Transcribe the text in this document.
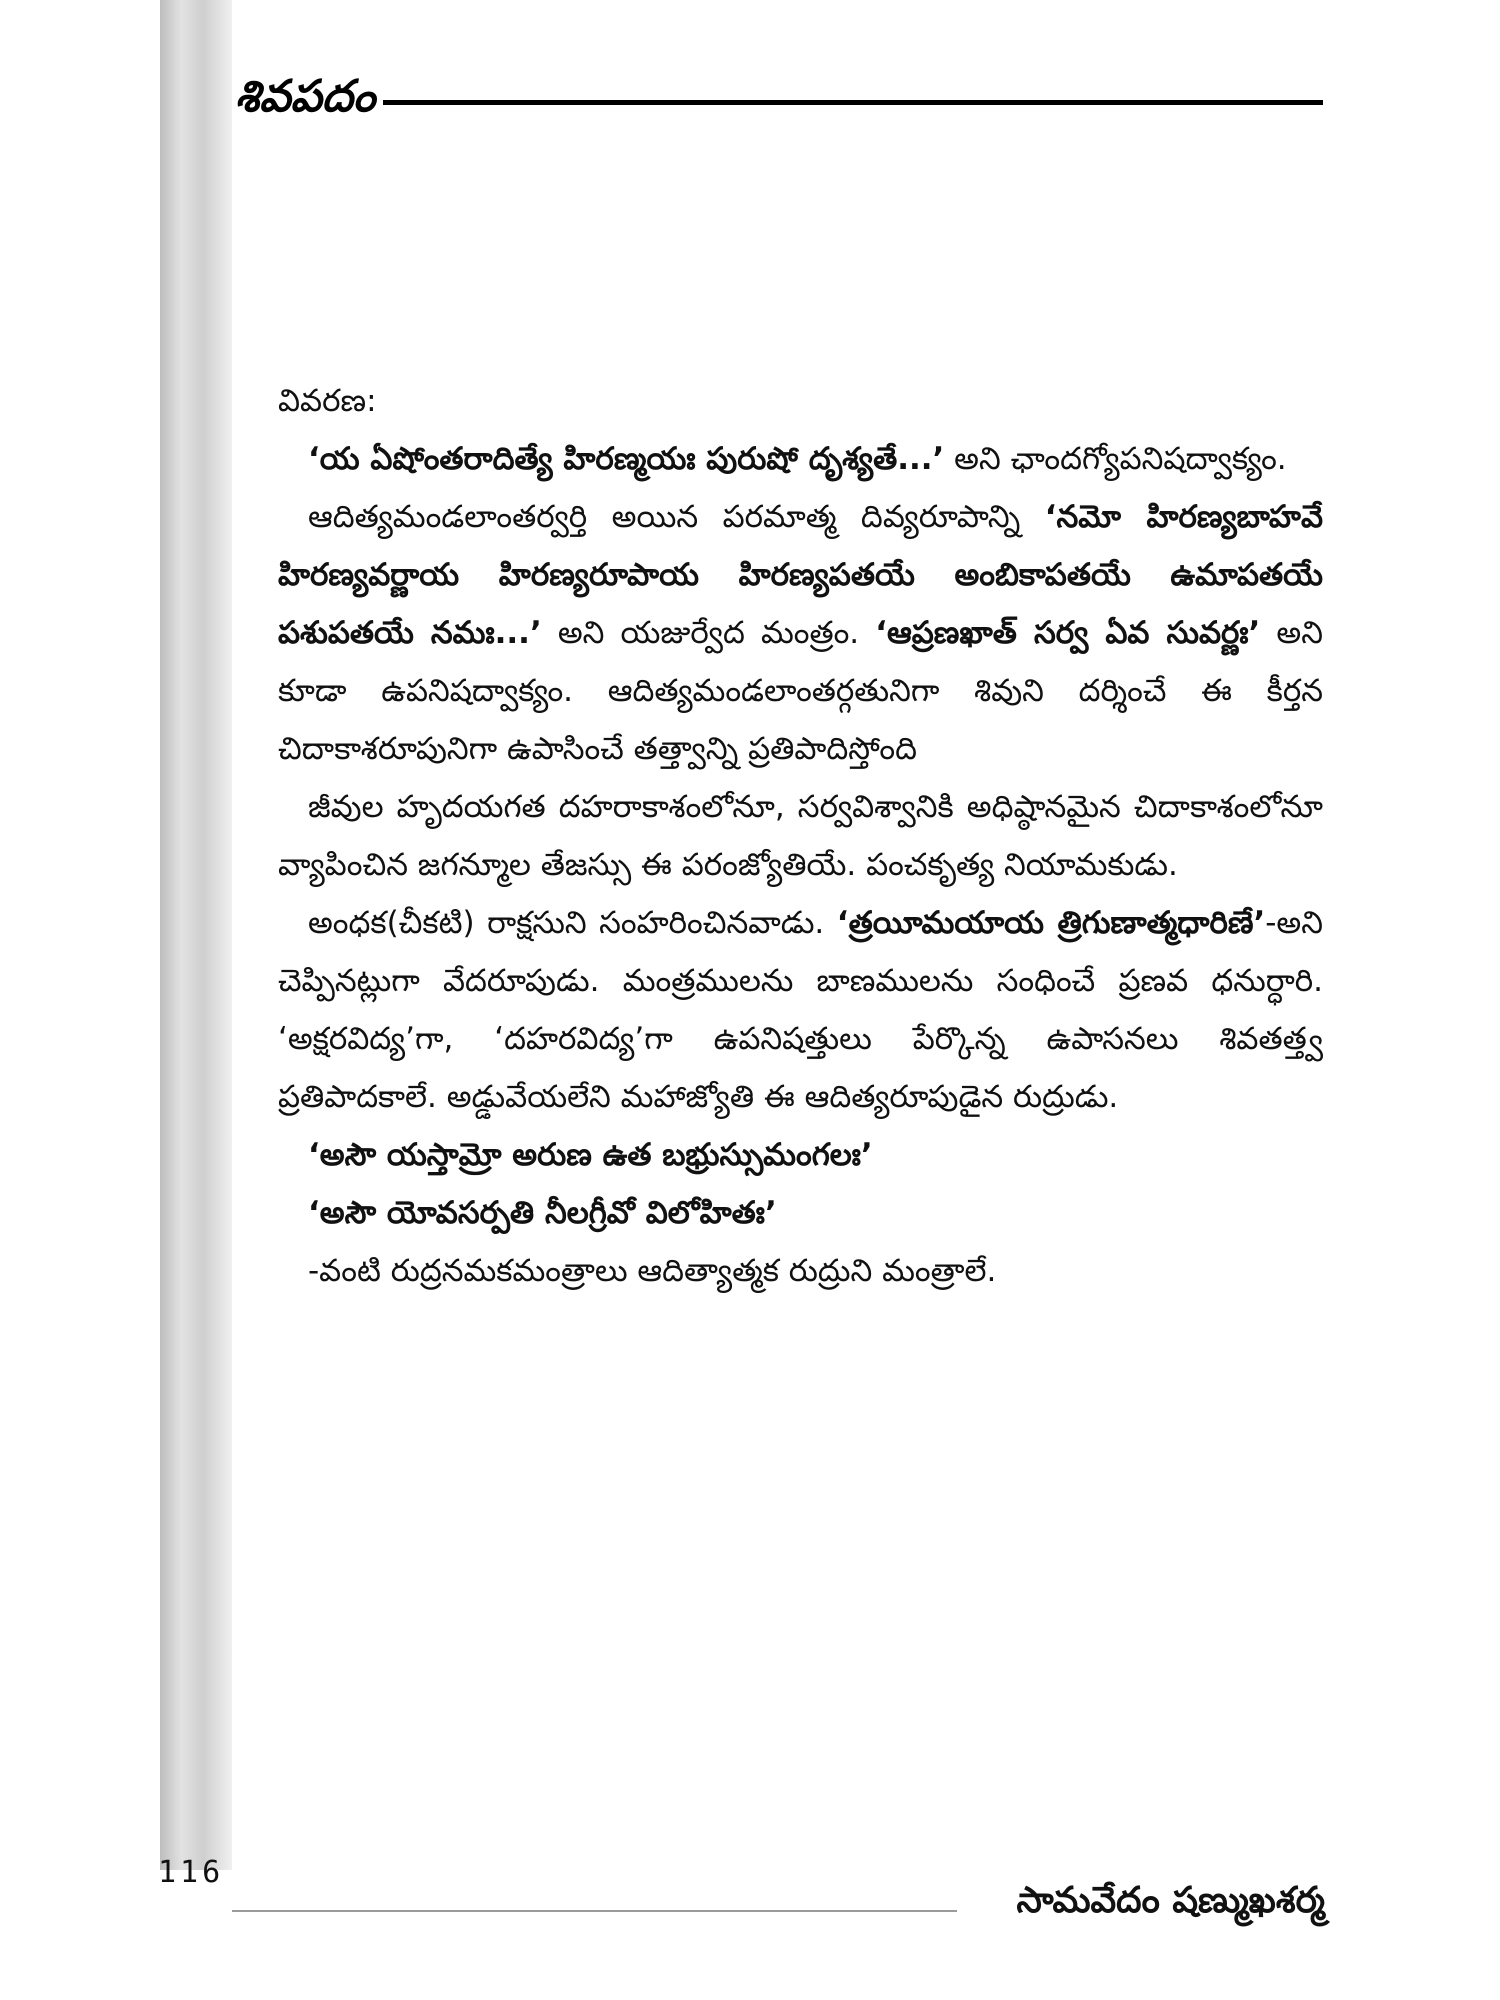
శివపదం

వివరణ:

‘య ఏషోంతరాదిత్యే హిరణ్మయః పురుషో దృశ్యతే...’ అని ఛాందగ్యోపనిషద్వాక్యం.

ఆదిత్యమండలాంతర్వర్తి అయిన పరమాత్మ దివ్యరూపాన్ని ‘నమో హిరణ్యబాహవే హిరణ్యవర్ణాయ హిరణ్యరూపాయ హిరణ్యపతయే అంబికాపతయే ఉమాపతయే పశుపతయే నమః...’ అని యజుర్వేద మంత్రం. ‘ఆప్రణఖాత్ సర్వ ఏవ సువర్ణః’ అని కూడా ఉపనిషద్వాక్యం. ఆదిత్యమండలాంతర్గతునిగా శివుని దర్శించే ఈ కీర్తన చిదాకాశరూపునిగా ఉపాసించే తత్త్వాన్ని ప్రతిపాదిస్తోంది

జీవుల హృదయగత దహరాకాశంలోనూ, సర్వవిశ్వానికి అధిష్ఠానమైన చిదాకాశంలోనూ వ్యాపించిన జగన్మూల తేజస్సు ఈ పరంజ్యోతియే. పంచకృత్య నియామకుడు.

అంధక(చీకటి) రాక్షసుని సంహరించినవాడు. ‘త్రయీమయాయ త్రిగుణాత్మధారిణే’-అని చెప్పినట్లుగా వేదరూపుడు. మంత్రములను బాణములను సంధించే ప్రణవ ధనుర్ధారి. ‘అక్షరవిద్య’గా, ‘దహరవిద్య’గా ఉపనిషత్తులు పేర్కొన్న ఉపాసనలు శివతత్త్వ ప్రతిపాదకాలే. అడ్డువేయలేని మహాజ్యోతి ఈ ఆదిత్యరూపుడైన రుద్రుడు.

‘అసౌ యస్తామ్రో అరుణ ఉత బభ్రుస్సుమంగలః’

‘అసౌ యోవసర్పతి నీలగ్రీవో విలోహితః’

-వంటి రుద్రనమకమంత్రాలు ఆదిత్యాత్మక రుద్రుని మంత్రాలే.

116
సామవేదం షణ్ముఖశర్మ
